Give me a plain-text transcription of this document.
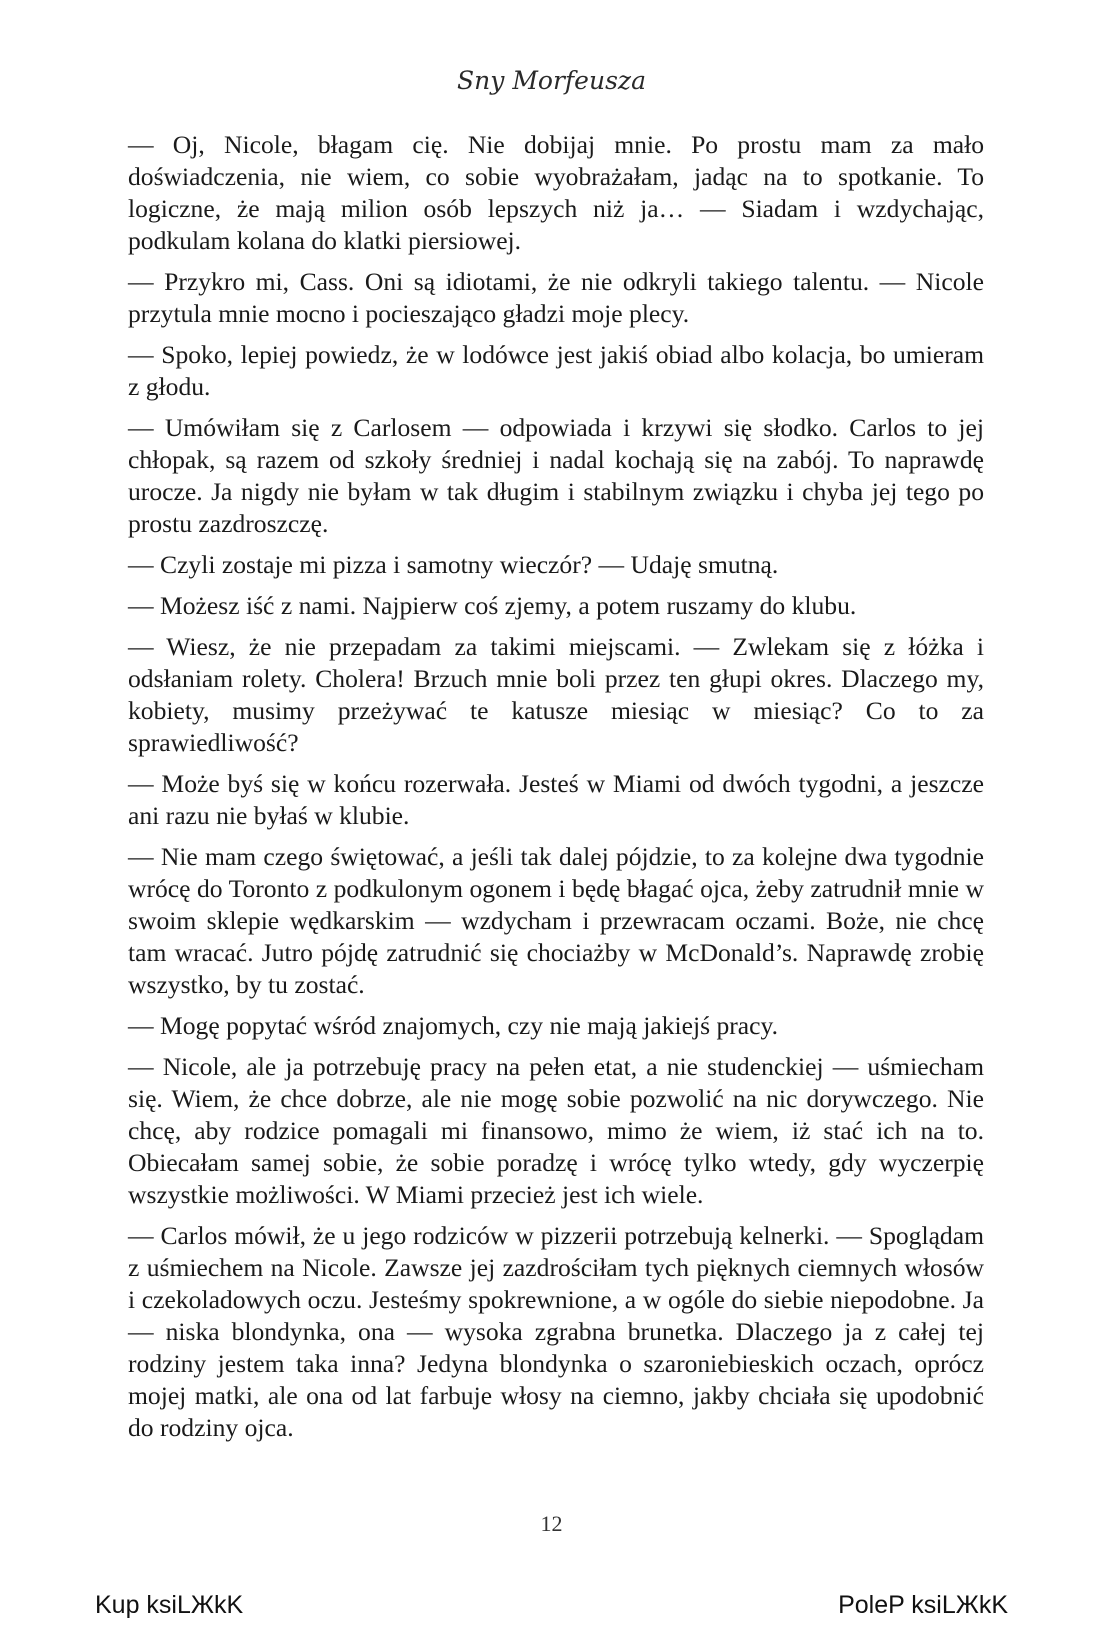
Sny Morfeusza

— Oj, Nicole, błagam cię. Nie dobijaj mnie. Po prostu mam za mało doświadczenia, nie wiem, co sobie wyobrażałam, jadąc na to spotkanie. To logiczne, że mają milion osób lepszych niż ja… — Siadam i wzdychając, podkulam kolana do klatki piersiowej.

— Przykro mi, Cass. Oni są idiotami, że nie odkryli takiego talentu. — Nicole przytula mnie mocno i pocieszająco gładzi moje plecy.

— Spoko, lepiej powiedz, że w lodówce jest jakiś obiad albo kolacja, bo umieram z głodu.

— Umówiłam się z Carlosem — odpowiada i krzywi się słodko. Carlos to jej chłopak, są razem od szkoły średniej i nadal kochają się na zabój. To naprawdę urocze. Ja nigdy nie byłam w tak długim i stabilnym związku i chyba jej tego po prostu zazdroszczę.

— Czyli zostaje mi pizza i samotny wieczór? — Udaję smutną.

— Możesz iść z nami. Najpierw coś zjemy, a potem ruszamy do klubu.

— Wiesz, że nie przepadam za takimi miejscami. — Zwlekam się z łóżka i odsłaniam rolety. Cholera! Brzuch mnie boli przez ten głupi okres. Dlaczego my, kobiety, musimy przeżywać te katusze miesiąc w miesiąc? Co to za sprawiedliwość?

— Może byś się w końcu rozerwała. Jesteś w Miami od dwóch tygodni, a jeszcze ani razu nie byłaś w klubie.

— Nie mam czego świętować, a jeśli tak dalej pójdzie, to za kolejne dwa tygodnie wrócę do Toronto z podkulonym ogonem i będę błagać ojca, żeby zatrudnił mnie w swoim sklepie wędkarskim — wzdycham i przewracam oczami. Boże, nie chcę tam wracać. Jutro pójdę zatrudnić się chociażby w McDonald’s. Naprawdę zrobię wszystko, by tu zostać.

— Mogę popytać wśród znajomych, czy nie mają jakiejś pracy.

— Nicole, ale ja potrzebuję pracy na pełen etat, a nie studenckiej — uśmiecham się. Wiem, że chce dobrze, ale nie mogę sobie pozwolić na nic dorywczego. Nie chcę, aby rodzice pomagali mi finansowo, mimo że wiem, iż stać ich na to. Obiecałam samej sobie, że sobie poradzę i wrócę tylko wtedy, gdy wyczerpię wszystkie możliwości. W Miami przecież jest ich wiele.

— Carlos mówił, że u jego rodziców w pizzerii potrzebują kelnerki. — Spoglądam z uśmiechem na Nicole. Zawsze jej zazdrościłam tych pięknych ciemnych włosów i czekoladowych oczu. Jesteśmy spokrewnione, a w ogóle do siebie niepodobne. Ja — niska blondynka, ona — wysoka zgrabna brunetka. Dlaczego ja z całej tej rodziny jestem taka inna? Jedyna blondynka o szaroniebieskich oczach, oprócz mojej matki, ale ona od lat farbuje włosy na ciemno, jakby chciała się upodobnić do rodziny ojca.

12
Kup ksiLЖkK	PoleP ksiLЖkK
